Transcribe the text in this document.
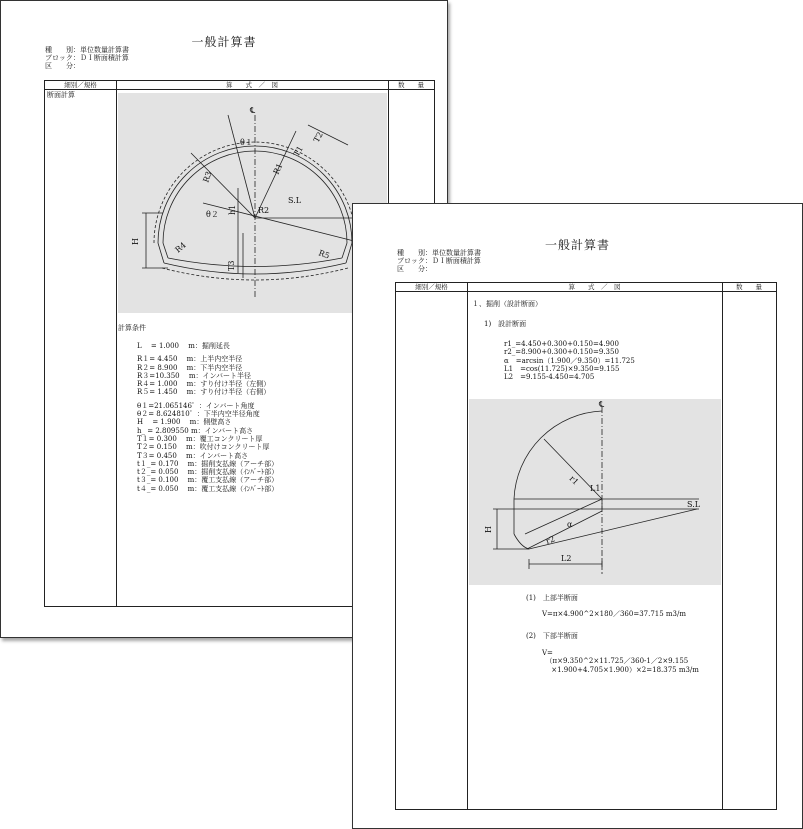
一般計算書
種　　別：単位数量計算書
ブロック：ＤＩ断面積計算
区　　分：
細別／規格	算　　式　／　図	数　　量
断面計算
℄
θ１
θ２
R1
R2
R3
R4
R5
T1
T2
T3
H
h1
S.L
計算条件
L　 = 1.000　 m：掘削延長
R１= 4.450　 m：上半内空半径
R２= 8.900　 m：下半内空半径
R３=10.350　 m：インバート半径
R４= 1.000　 m：すり付け半径（左側）
R５= 1.450　 m：すり付け半径（右側）
θ１=21.065146゜：インバート角度
θ２= 8.624810゜：下半内空半径角度
H　 = 1.900　 m：側壁高さ
h_ = 2.809550 m：インバート高さ
T１= 0.300　 m：覆工コンクリート厚
T２= 0.150　 m：吹付けコンクリート厚
T３= 0.450　 m：インバート高さ
t１_= 0.170　 m：掘削支払線（アーチ部）
t２_= 0.050　 m：掘削支払線（ｲﾝﾊﾞｰﾄ部）
t３_= 0.100　 m：覆工支払線（アーチ部）
t４_= 0.050　 m：覆工支払線（ｲﾝﾊﾞｰﾄ部）
一般計算書
種　　別：単位数量計算書
ブロック：ＤＩ断面積計算
区　　分：
細別／規格	算　　式　／　図	数　　量
１、掘削（設計断面）
1)　設計断面
r1_=4.450+0.300+0.150=4.900
r2_=8.900+0.300+0.150=9.350
α　=arcsin（1.900／9.350）=11.725
L1　=cos(11.725)×9.350=9.155
L2　=9.155-4.450=4.705
℄
r1
r2
L1
L2
H
α
S.L
(1)　上部半断面
V=π×4.900^2×180／360=37.715 m3/m
(2)　下部半断面
V=
　（π×9.350^2×11.725／360-1／2×9.155
　 ×1.900+4.705×1.900）×2=18.375 m3/m
